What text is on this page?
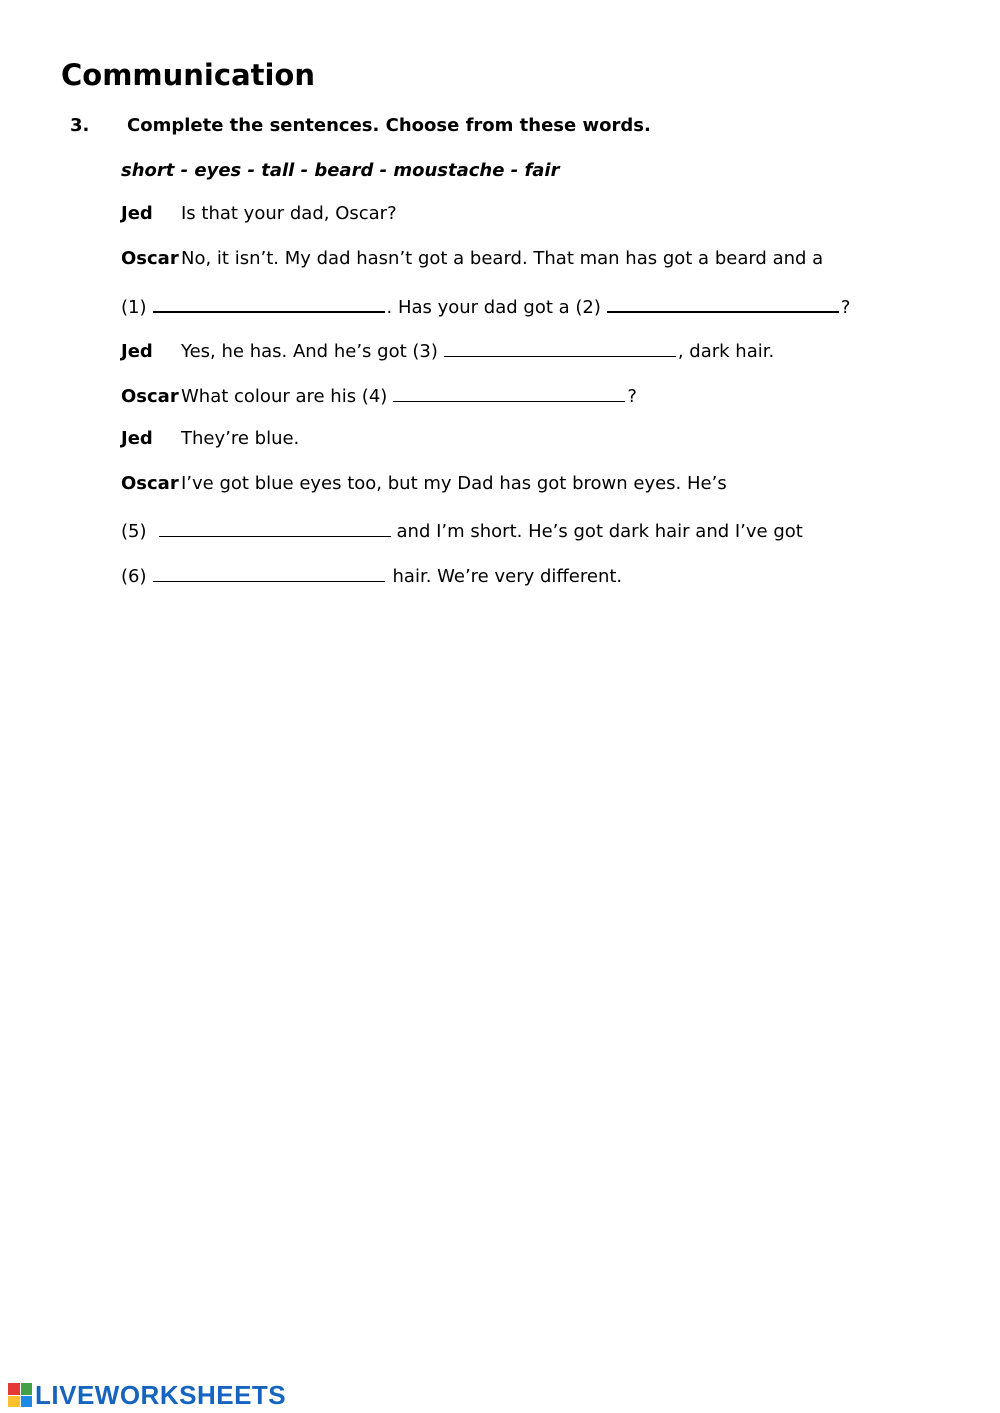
Communication
3. Complete the sentences. Choose from these words.
short - eyes - tall - beard - moustache - fair
Jed Is that your dad, Oscar?
Oscar No, it isn’t. My dad hasn’t got a beard. That man has got a beard and a
(1)	. Has your dad got a (2)	?
Jed Yes, he has. And he’s got (3)	, dark hair.
Oscar What colour are his (4)	?
Jed They’re blue.
Oscar I’ve got blue eyes too, but my Dad has got brown eyes. He’s
(5)	and I’m short. He’s got dark hair and I’ve got
(6)	hair. We’re very different.
LIVEWORKSHEETS
